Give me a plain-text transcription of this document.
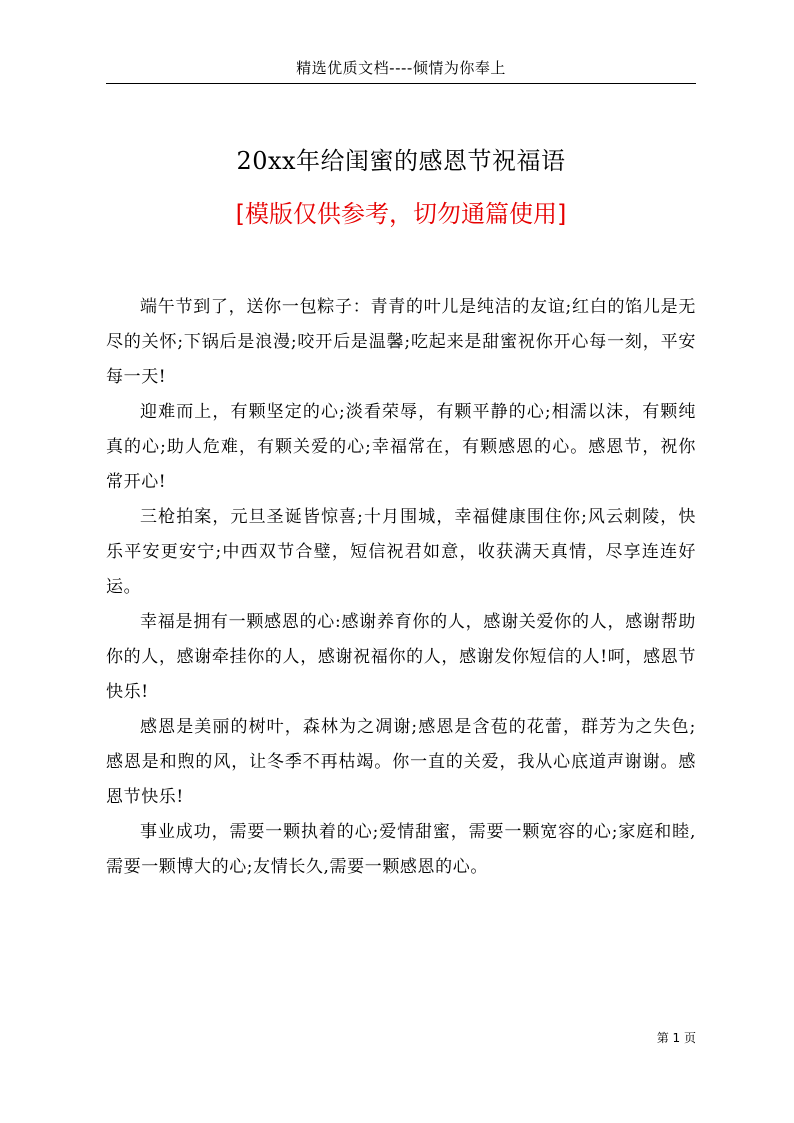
精选优质文档----倾情为你奉上
20xx年给闺蜜的感恩节祝福语
[模版仅供参考，切勿通篇使用]

端午节到了，送你一包粽子：青青的叶儿是纯洁的友谊;红白的馅儿是无尽的关怀;下锅后是浪漫;咬开后是温馨;吃起来是甜蜜祝你开心每一刻，平安每一天!

迎难而上，有颗坚定的心;淡看荣辱，有颗平静的心;相濡以沫，有颗纯真的心;助人危难，有颗关爱的心;幸福常在，有颗感恩的心。感恩节，祝你常开心!

三枪拍案，元旦圣诞皆惊喜;十月围城，幸福健康围住你;风云刺陵，快乐平安更安宁;中西双节合璧，短信祝君如意，收获满天真情，尽享连连好运。

幸福是拥有一颗感恩的心:感谢养育你的人，感谢关爱你的人，感谢帮助你的人，感谢牵挂你的人，感谢祝福你的人，感谢发你短信的人!呵，感恩节快乐!

感恩是美丽的树叶，森林为之凋谢;感恩是含苞的花蕾，群芳为之失色;感恩是和煦的风，让冬季不再枯竭。你一直的关爱，我从心底道声谢谢。感恩节快乐!

事业成功，需要一颗执着的心;爱情甜蜜，需要一颗宽容的心;家庭和睦,需要一颗博大的心;友情长久,需要一颗感恩的心。

第 1 页
